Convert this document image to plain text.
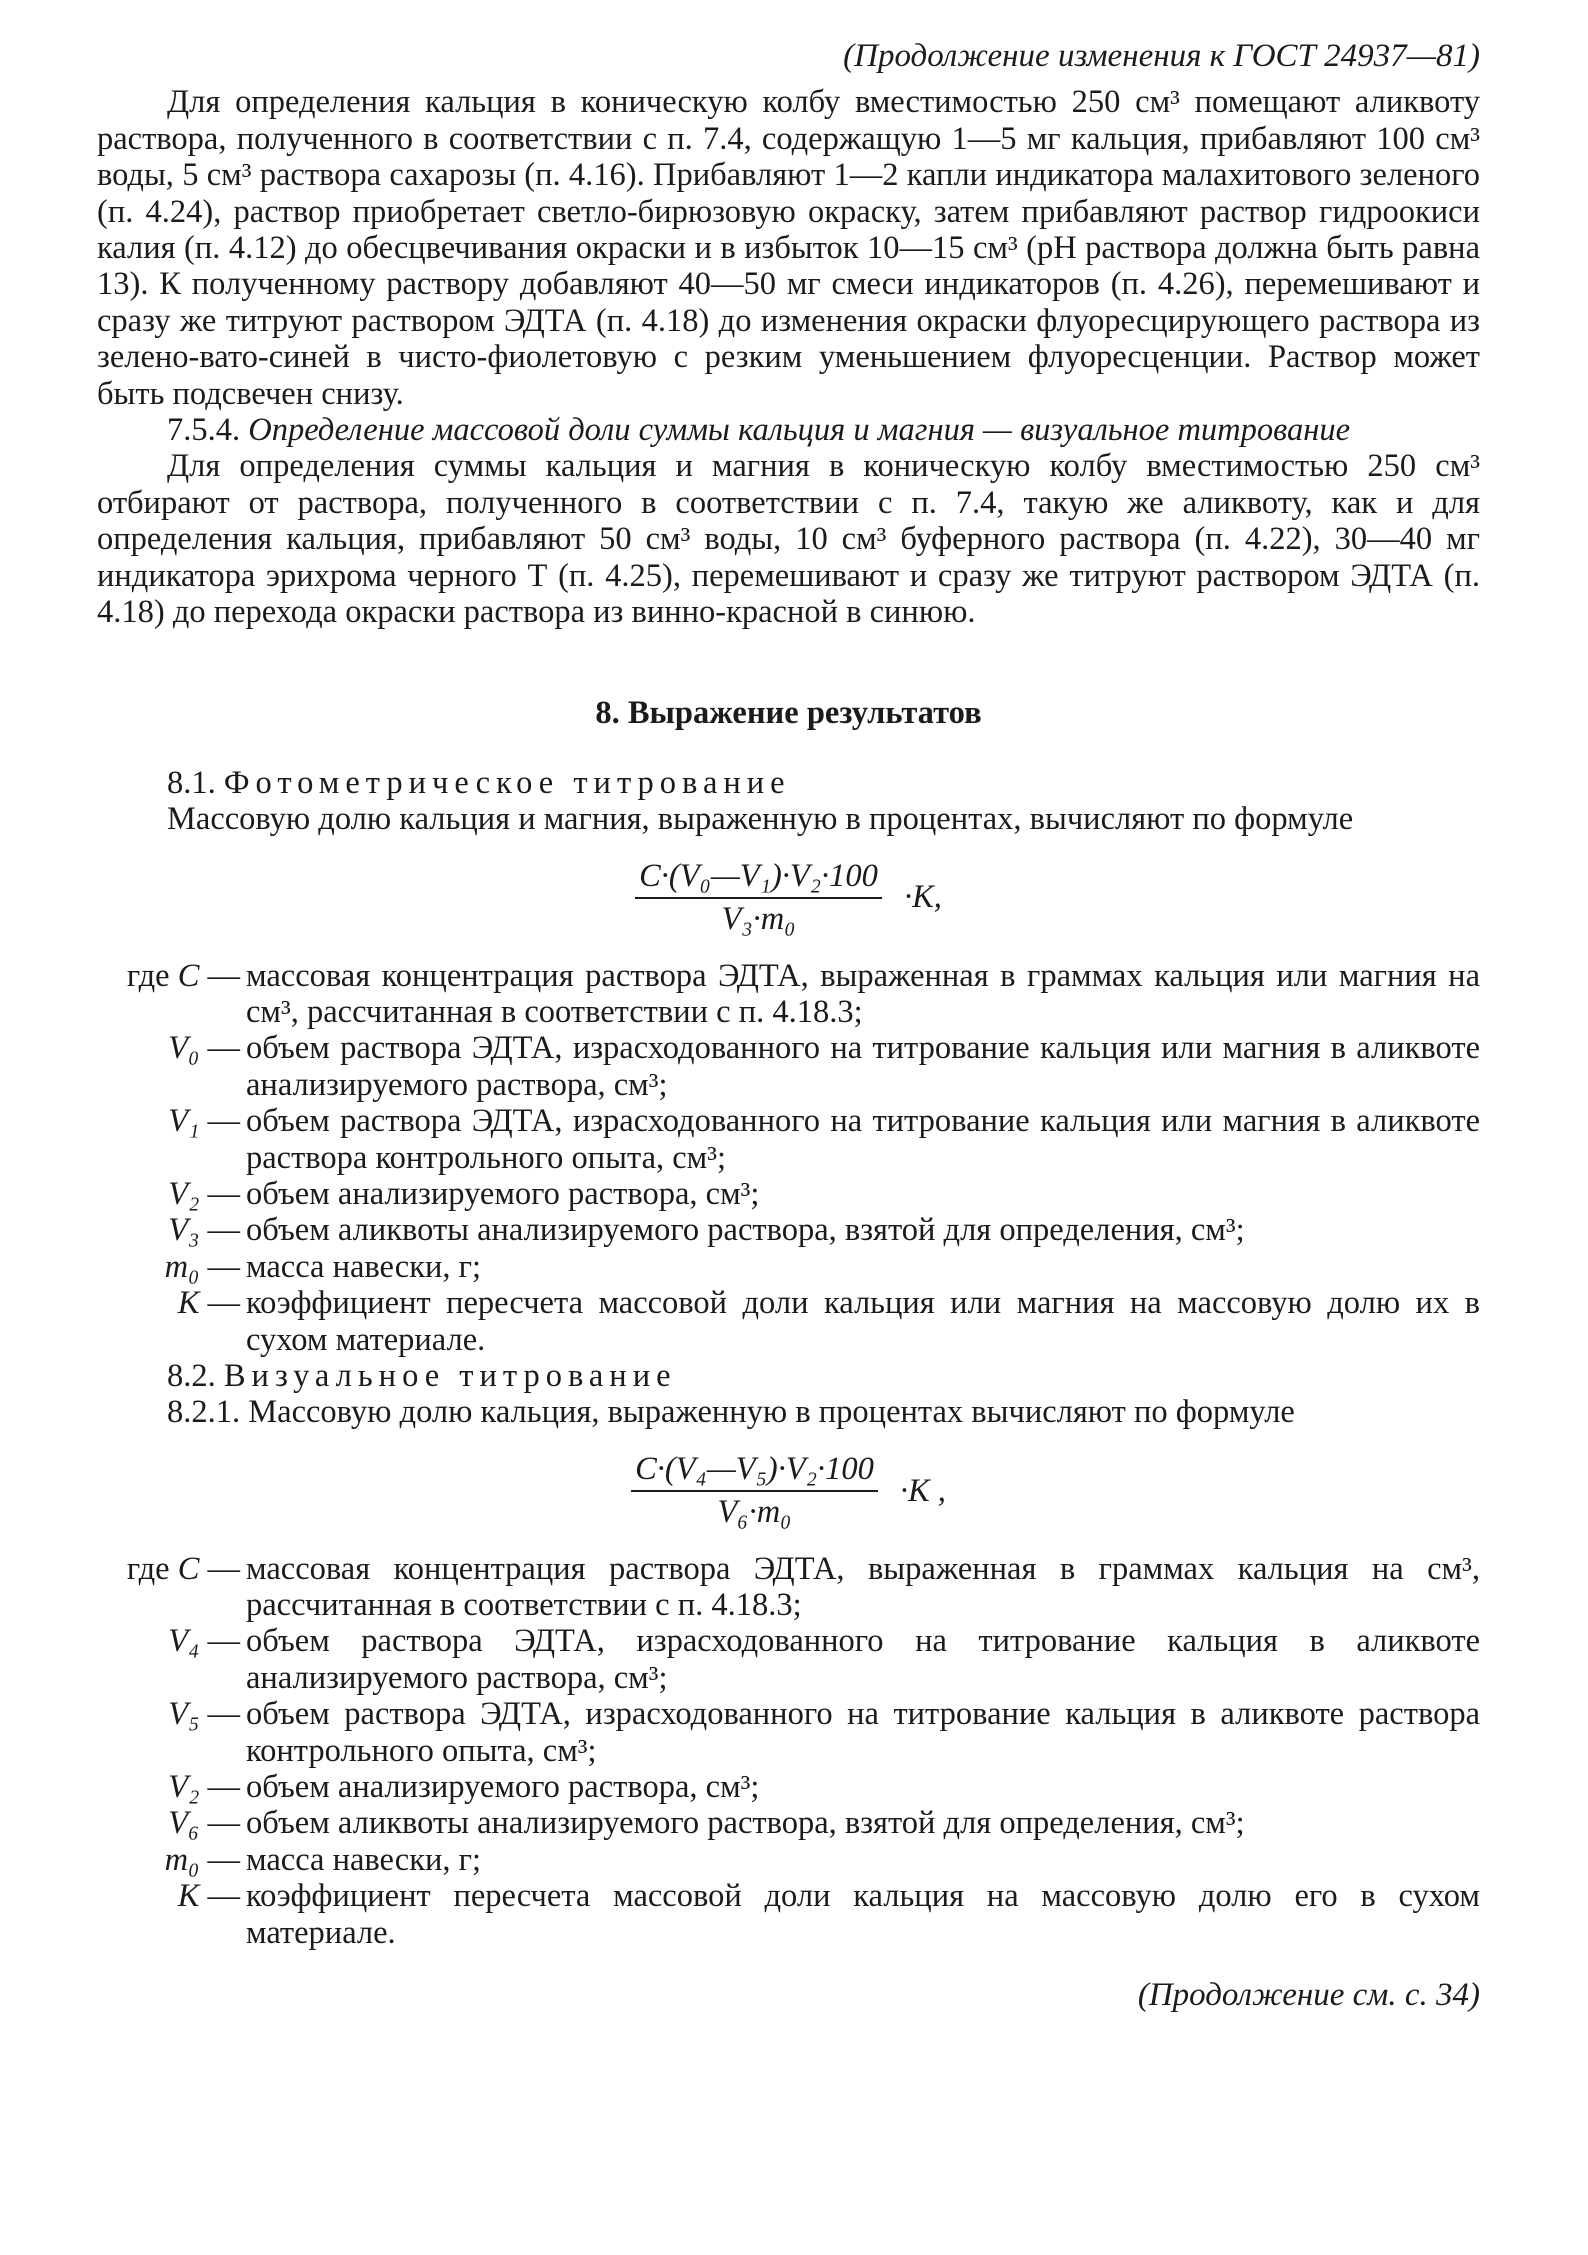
(Продолжение изменения к ГОСТ 24937—81)

Для определения кальция в коническую колбу вместимостью 250 см³ помещают аликвоту раствора, полученного в соответствии с п. 7.4, содержащую 1—5 мг кальция, прибавляют 100 см³ воды, 5 см³ раствора сахарозы (п. 4.16). Прибавляют 1—2 капли индикатора малахитового зеленого (п. 4.24), раствор приобретает светло-бирюзовую окраску, затем прибавляют раствор гидроокиси калия (п. 4.12) до обесцвечивания окраски и в избыток 10—15 см³ (pH раствора должна быть равна 13). К полученному раствору добавляют 40—50 мг смеси индикаторов (п. 4.26), перемешивают и сразу же титруют раствором ЭДТА (п. 4.18) до изменения окраски флуоресцирующего раствора из зелено-вато-синей в чисто-фиолетовую с резким уменьшением флуоресценции. Раствор может быть подсвечен снизу.

7.5.4. Определение массовой доли суммы кальция и магния — визуальное титрование

Для определения суммы кальция и магния в коническую колбу вместимостью 250 см³ отбирают от раствора, полученного в соответствии с п. 7.4, такую же аликвоту, как и для определения кальция, прибавляют 50 см³ воды, 10 см³ буферного раствора (п. 4.22), 30—40 мг индикатора эрихрома черного Т (п. 4.25), перемешивают и сразу же титруют раствором ЭДТА (п. 4.18) до перехода окраски раствора из винно-красной в синюю.

8. Выражение результатов

8.1. Фотометрическое титрование

Массовую долю кальция и магния, выраженную в процентах, вычисляют по формуле

$\frac{\text{C·(V₀—V₁)·V₂·100}}{\text{V₃·m₀}} \cdot K$,
где C — массовая концентрация раствора ЭДТА, выраженная в граммах кальция или магния на см³, рассчитанная в соответствии с п. 4.18.3;
V₀ — объем раствора ЭДТА, израсходованного на титрование кальция или магния в аликвоте анализируемого раствора, см³;
V₁ — объем раствора ЭДТА, израсходованного на титрование кальция или магния в аликвоте раствора контрольного опыта, см³;
V₂ — объем анализируемого раствора, см³;
V₃ — объем аликвоты анализируемого раствора, взятой для определения, см³;
m₀ — масса навески, г;
K — коэффициент пересчета массовой доли кальция или магния на массовую долю их в сухом материале.

8.2. Визуальное титрование

8.2.1. Массовую долю кальция, выраженную в процентах вычисляют по формуле

$\frac{\text{C·(V₄—V₅)·V₂·100}}{\text{V₆·m₀}} \cdot K$ ,
где C — массовая концентрация раствора ЭДТА, выраженная в граммах кальция на см³, рассчитанная в соответствии с п. 4.18.3;
V₄ — объем раствора ЭДТА, израсходованного на титрование кальция в аликвоте анализируемого раствора, см³;
V₅ — объем раствора ЭДТА, израсходованного на титрование кальция в аликвоте раствора контрольного опыта, см³;
V₂ — объем анализируемого раствора, см³;
V₆ — объем аликвоты анализируемого раствора, взятой для определения, см³;
m₀ — масса навески, г;
K — коэффициент пересчета массовой доли кальция на массовую долю его в сухом материале.
(Продолжение см. с. 34)
